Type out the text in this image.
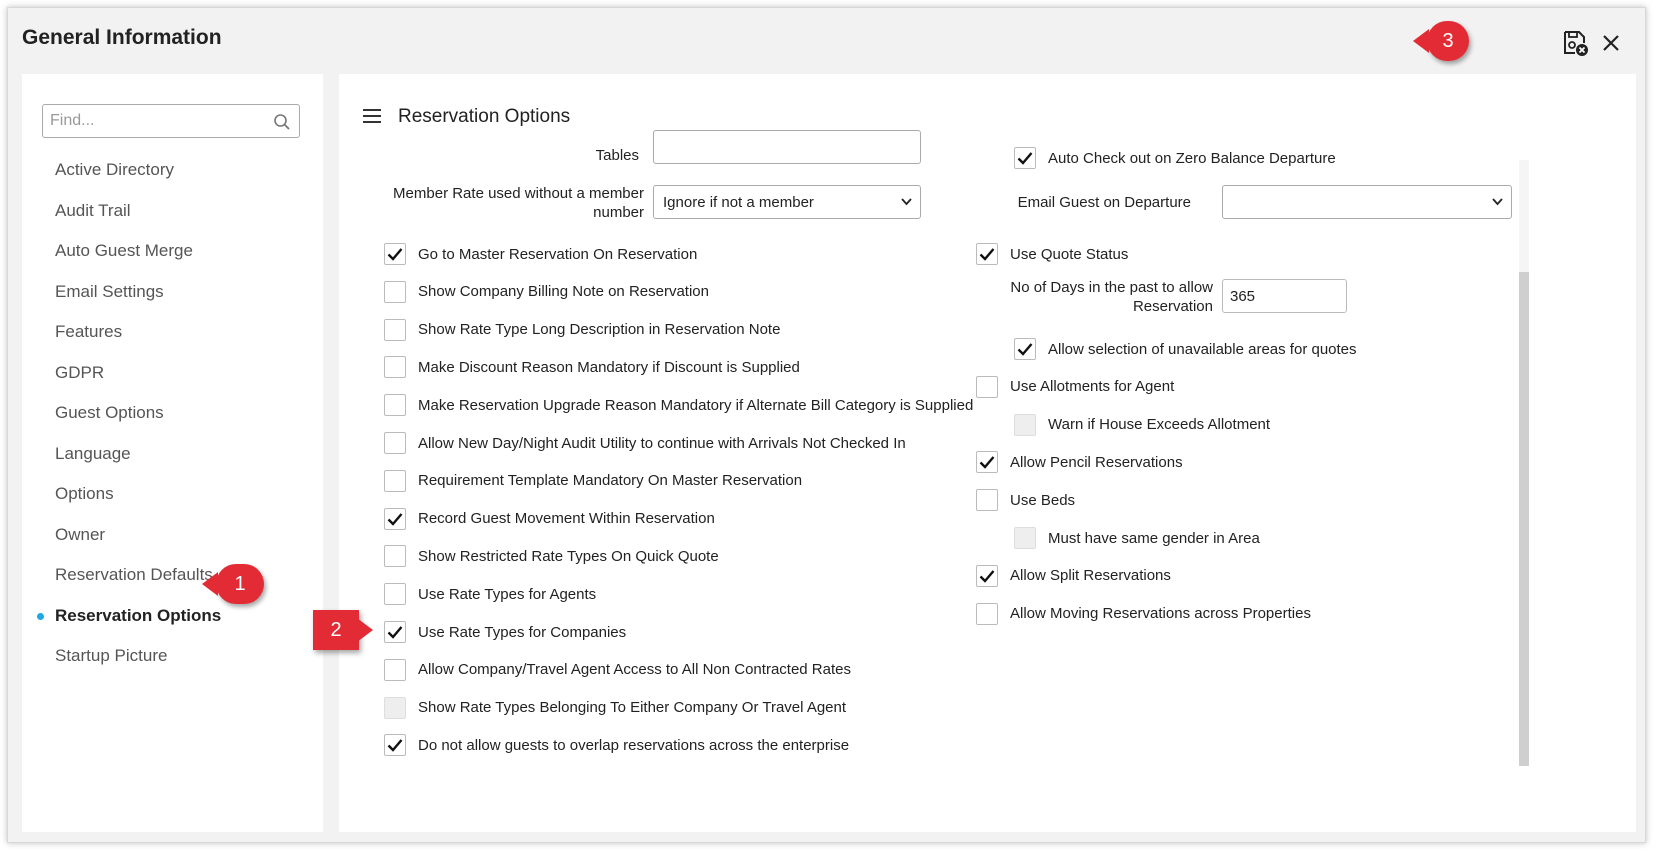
General Information	3
Find...
Active Directory
Audit Trail
Auto Guest Merge
Email Settings
Features
GDPR
Guest Options
Language
Options
Owner
Reservation Defaults
Reservation Options
Startup Picture
1
Reservation Options
Tables
Member Rate used without a member number
Ignore if not a member
Go to Master Reservation On Reservation
Show Company Billing Note on Reservation
Show Rate Type Long Description in Reservation Note
Make Discount Reason Mandatory if Discount is Supplied
Make Reservation Upgrade Reason Mandatory if Alternate Bill Category is Supplied
Allow New Day/Night Audit Utility to continue with Arrivals Not Checked In
Requirement Template Mandatory On Master Reservation
Record Guest Movement Within Reservation
Show Restricted Rate Types On Quick Quote
Use Rate Types for Agents
Use Rate Types for Companies
Allow Company/Travel Agent Access to All Non Contracted Rates
Show Rate Types Belonging To Either Company Or Travel Agent
Do not allow guests to overlap reservations across the enterprise
Auto Check out on Zero Balance Departure
Email Guest on Departure
Use Quote Status
No of Days in the past to allow Reservation
365
Allow selection of unavailable areas for quotes
Use Allotments for Agent
Warn if House Exceeds Allotment
Allow Pencil Reservations
Use Beds
Must have same gender in Area
Allow Split Reservations
Allow Moving Reservations across Properties
2
